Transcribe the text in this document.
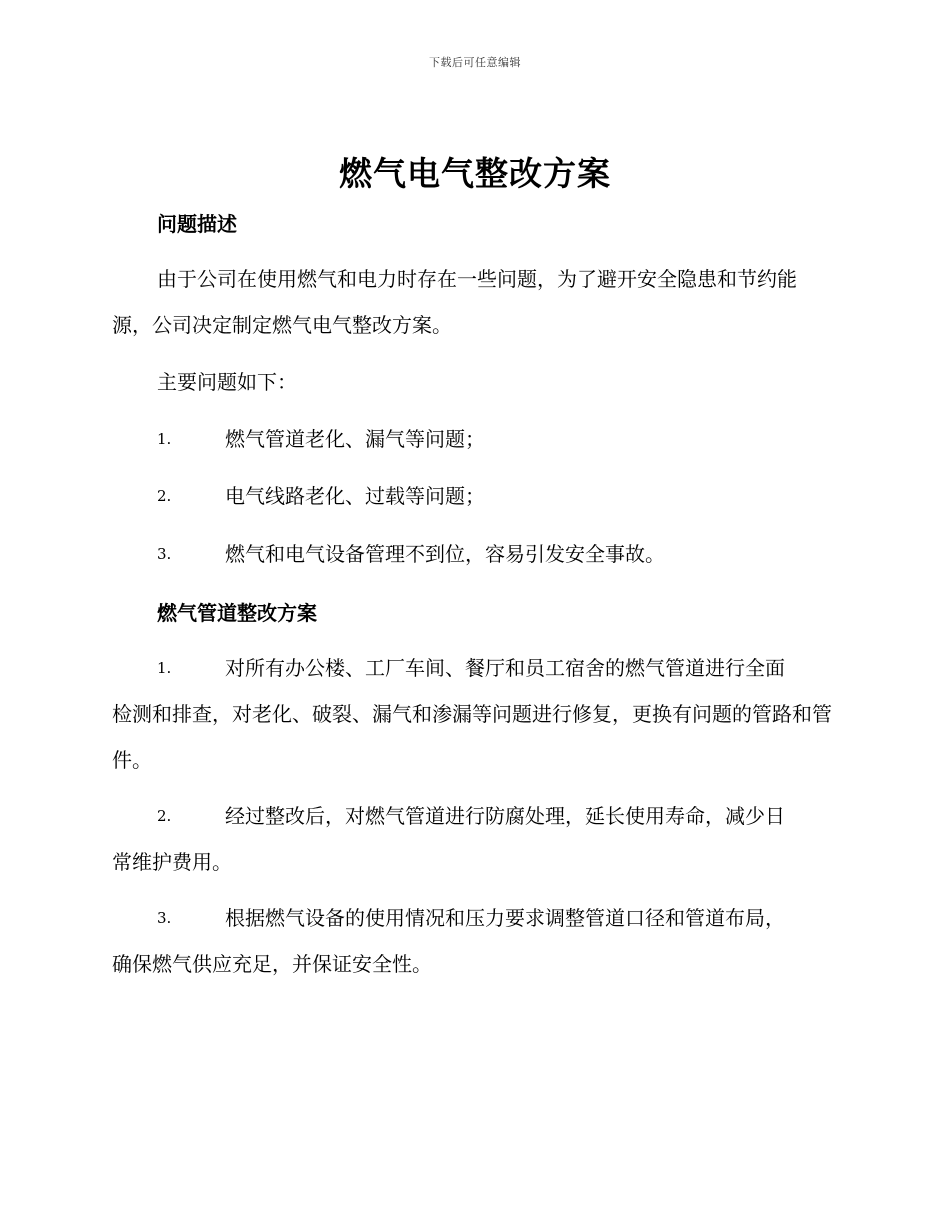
下载后可任意编辑
燃气电气整改方案
问题描述

由于公司在使用燃气和电力时存在一些问题，为了避开安全隐患和节约能源，公司决定制定燃气电气整改方案。

主要问题如下：

1.	燃气管道老化、漏气等问题；
2.	电气线路老化、过载等问题；
3.	燃气和电气设备管理不到位，容易引发安全事故。
燃气管道整改方案
1.	对所有办公楼、工厂车间、餐厅和员工宿舍的燃气管道进行全面
检测和排查，对老化、破裂、漏气和渗漏等问题进行修复，更换有问题的管路和管件。
2.	经过整改后，对燃气管道进行防腐处理，延长使用寿命，减少日
常维护费用。
3.	根据燃气设备的使用情况和压力要求调整管道口径和管道布局，
确保燃气供应充足，并保证安全性。
